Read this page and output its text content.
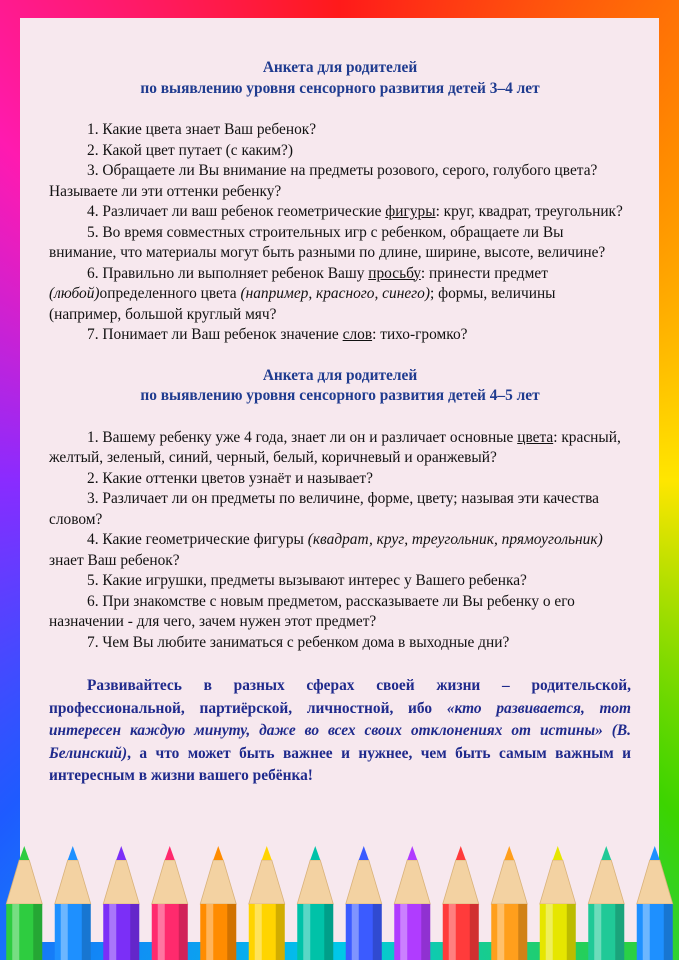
Анкета для родителей
по выявлению уровня сенсорного развития детей 3–4 лет

1. Какие цвета знает Ваш ребенок?

2. Какой цвет путает (с каким?)

3. Обращаете ли Вы внимание на предметы розового, серого, голубого цвета? Называете ли эти оттенки ребенку?

4. Различает ли ваш ребенок геометрические фигуры: круг, квадрат, треугольник?

5. Во время совместных строительных игр с ребенком, обращаете ли Вы внимание, что материалы могут быть разными по длине, ширине, высоте, величине?

6. Правильно ли выполняет ребенок Вашу просьбу: принести предмет (любой)определенного цвета (например, красного, синего); формы, величины (например, большой круглый мяч?

7. Понимает ли Ваш ребенок значение слов: тихо-громко?

Анкета для родителей
по выявлению уровня сенсорного развития детей 4–5 лет

1. Вашему ребенку уже 4 года, знает ли он и различает основные цвета: красный, желтый, зеленый, синий, черный, белый, коричневый и оранжевый?

2. Какие оттенки цветов узнаёт и называет?

3. Различает ли он предметы по величине, форме, цвету; называя эти качества словом?

4. Какие геометрические фигуры (квадрат, круг, треугольник, прямоугольник) знает Ваш ребенок?

5. Какие игрушки, предметы вызывают интерес у Вашего ребенка?

6. При знакомстве с новым предметом, рассказываете ли Вы ребенку о его назначении - для чего, зачем нужен этот предмет?

7. Чем Вы любите заниматься с ребенком дома в выходные дни?

Развивайтесь в разных сферах своей жизни – родительской, профессиональной, партиёрской, личностной, ибо «кто развивается, тот интересен каждую минуту, даже во всех своих отклонениях от истины» (В. Белинский), а что может быть важнее и нужнее, чем быть самым важным и интересным в жизни вашего ребёнка!
